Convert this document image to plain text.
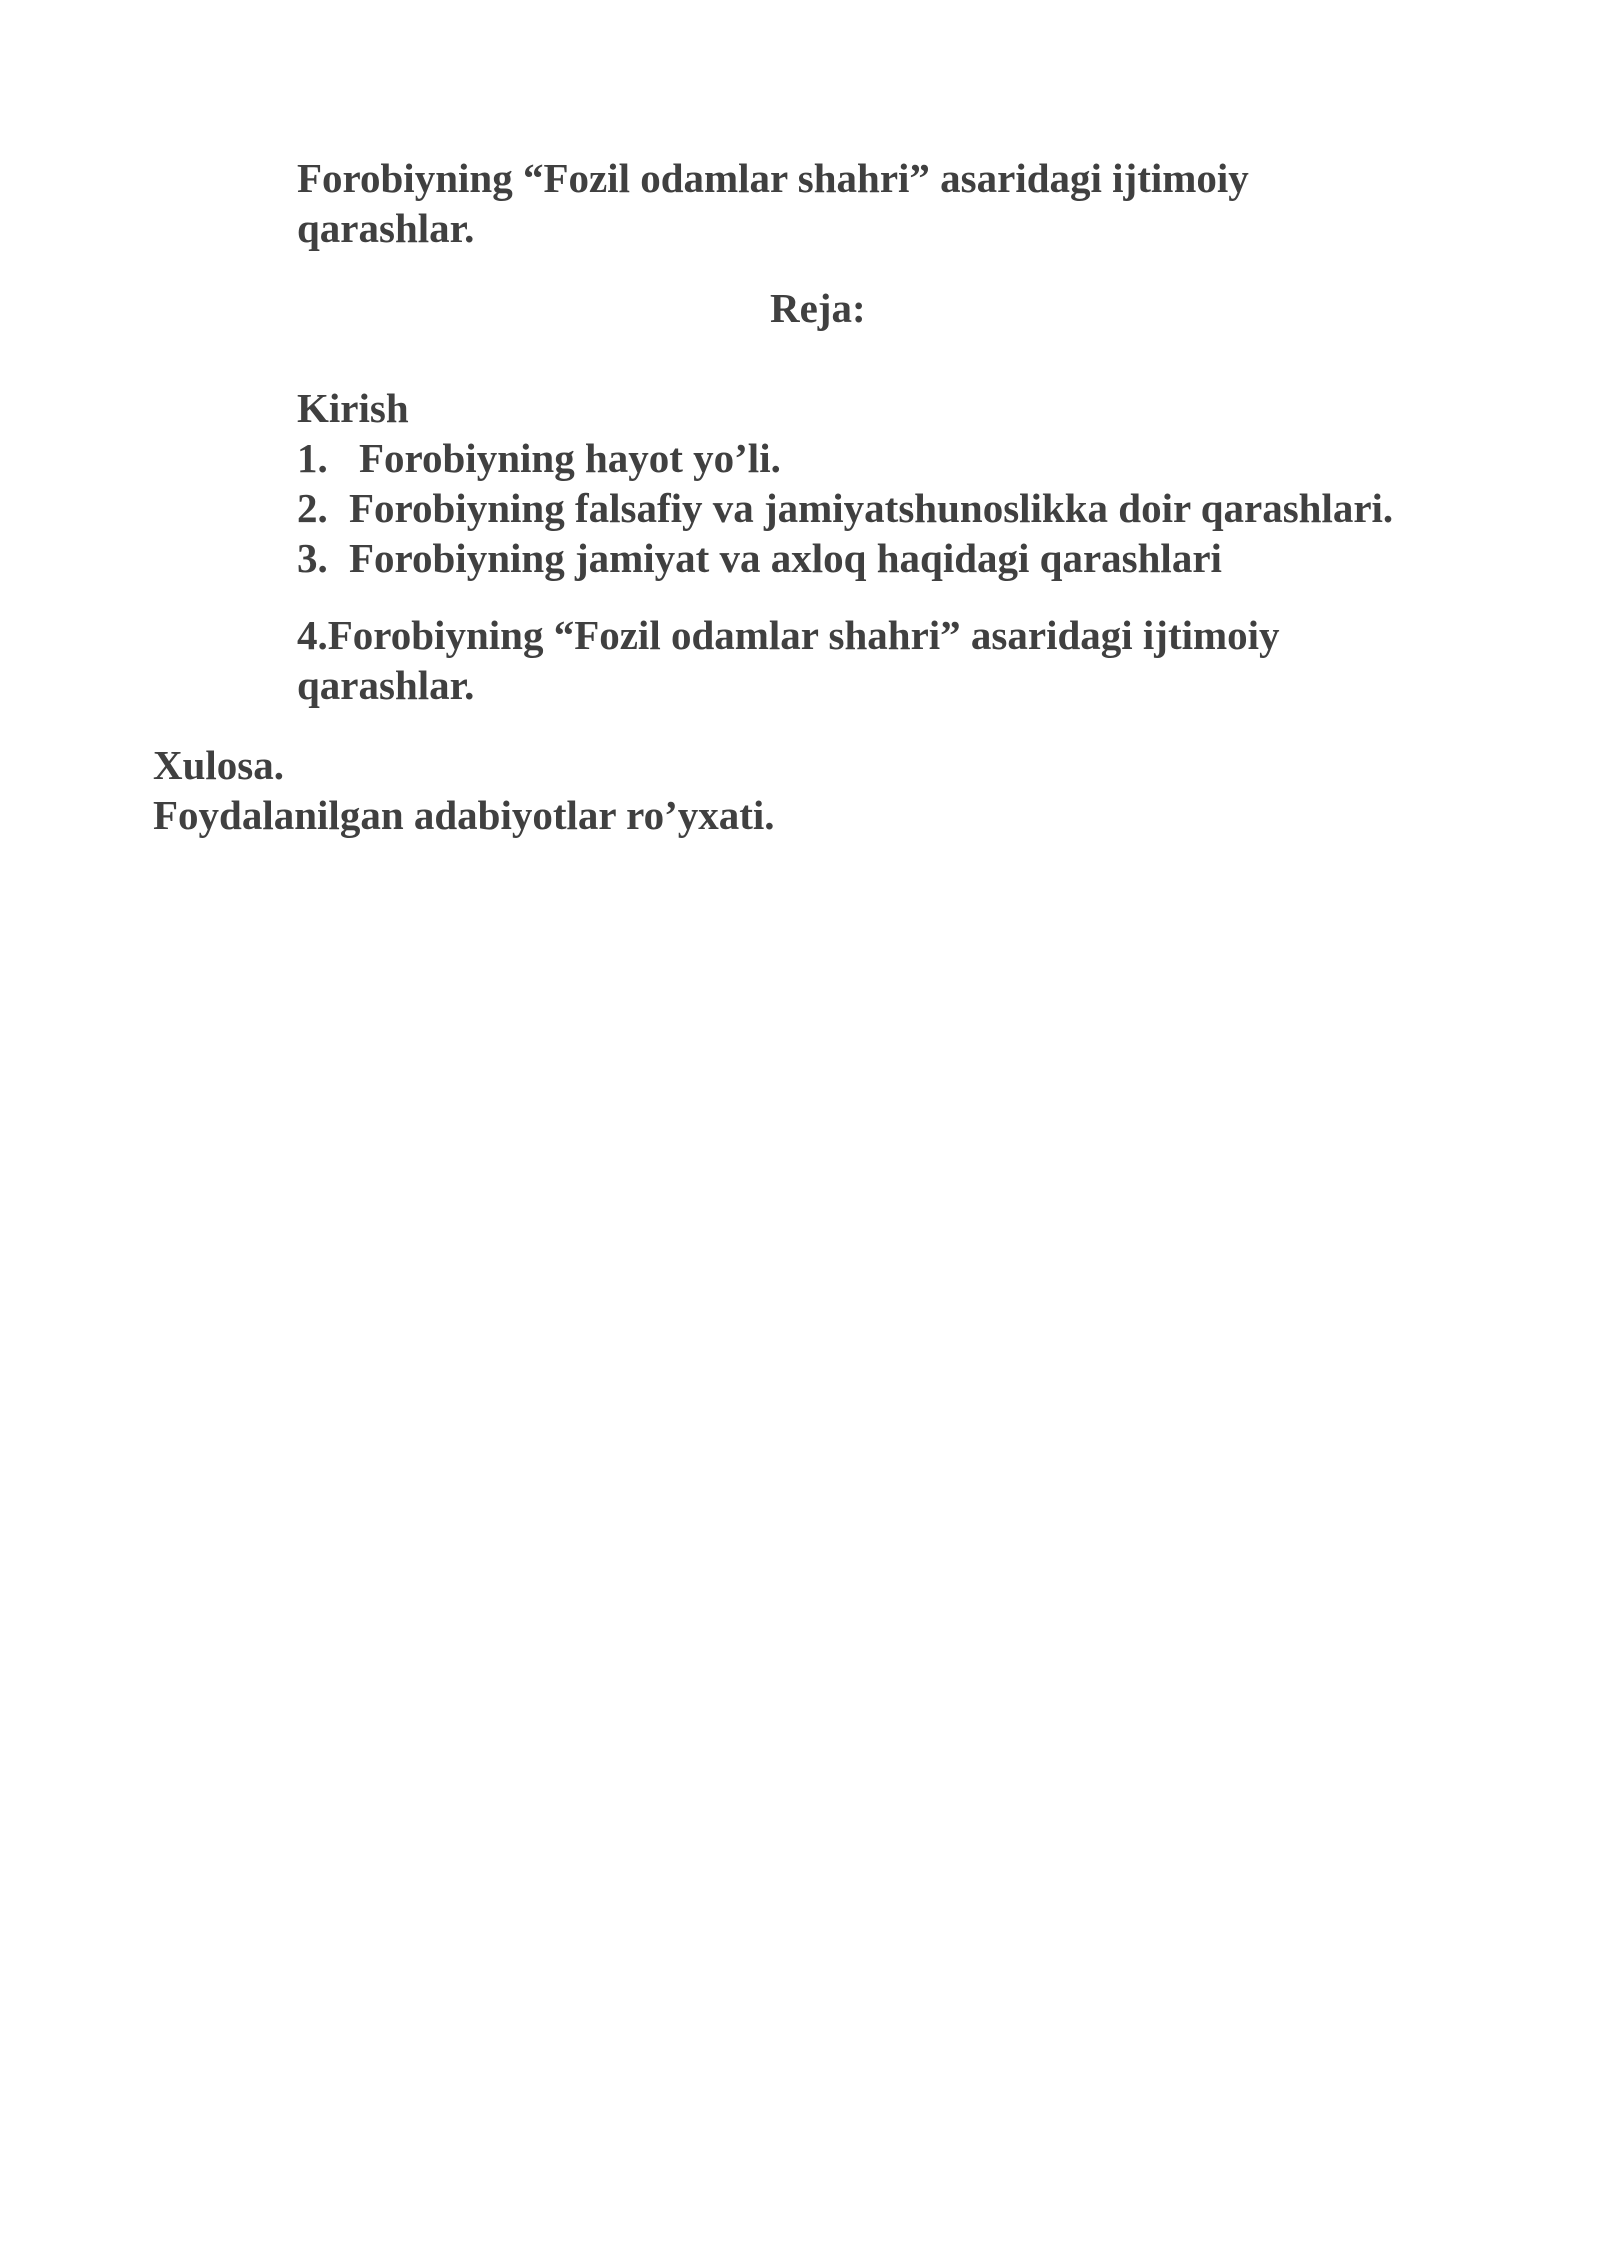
Forobiyning “Fozil odamlar shahri” asaridagi ijtimoiy qarashlar.
Reja:
Kirish
1. Forobiyning hayot yo’li.
2. Forobiyning falsafiy va jamiyatshunoslikka doir qarashlari.
3. Forobiyning jamiyat va axloq haqidagi qarashlari
4.Forobiyning “Fozil odamlar shahri” asaridagi ijtimoiy qarashlar.
Xulosa.
Foydalanilgan adabiyotlar ro’yxati.
